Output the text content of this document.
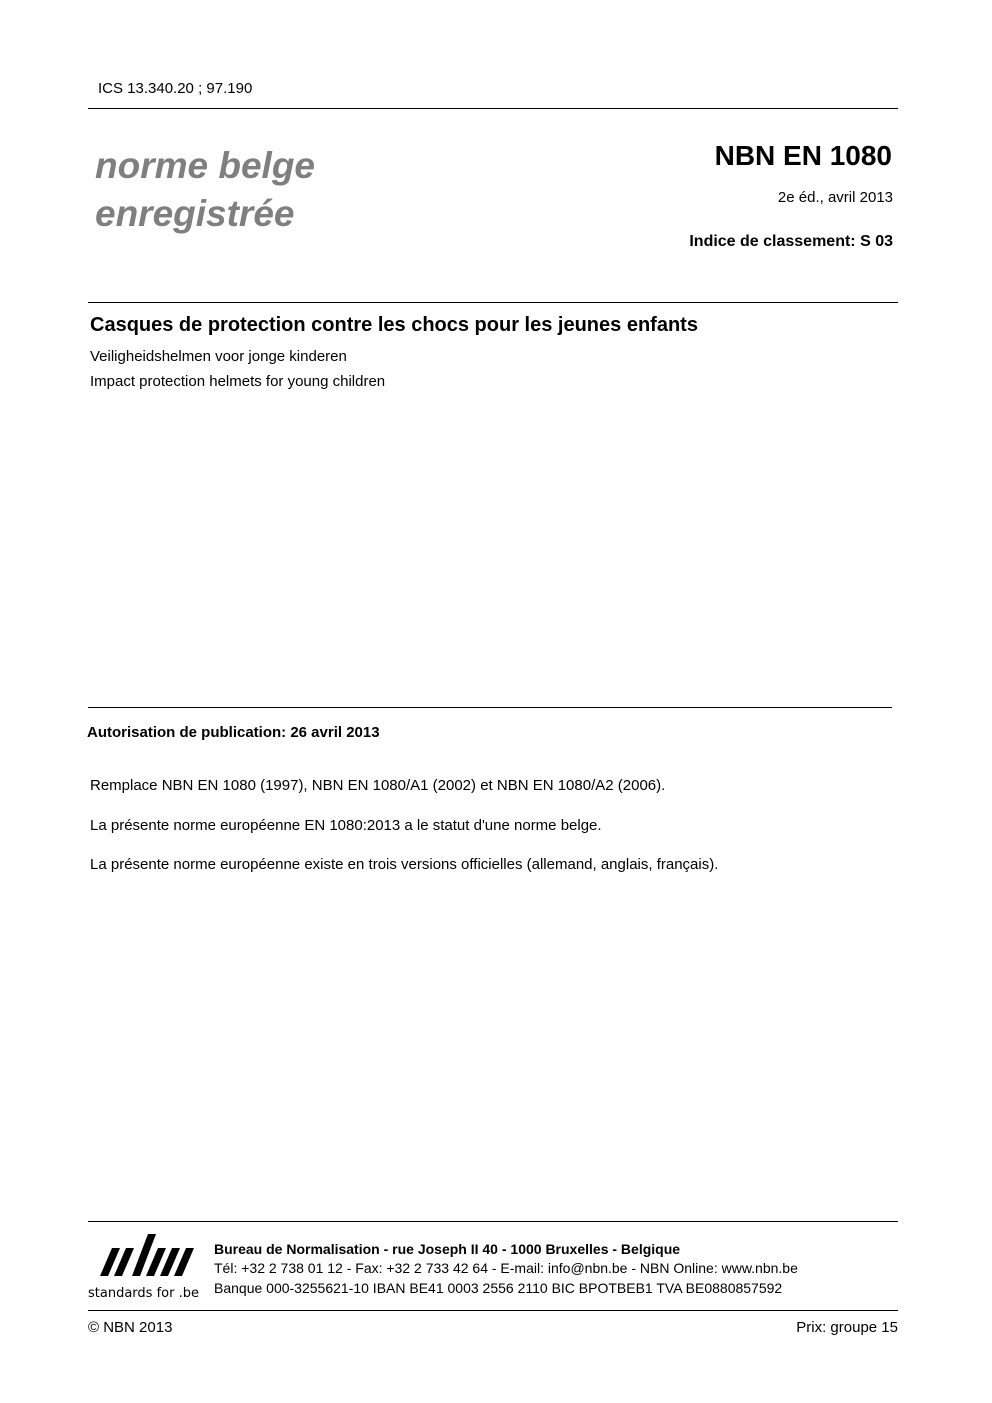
ICS 13.340.20 ; 97.190
norme belge
enregistrée
NBN EN 1080
2e éd., avril 2013
Indice de classement: S 03
Casques de protection contre les chocs pour les jeunes enfants
Veiligheidshelmen voor jonge kinderen
Impact protection helmets for young children
Autorisation de publication: 26 avril 2013
Remplace NBN EN 1080 (1997), NBN EN 1080/A1 (2002) et NBN EN 1080/A2 (2006).
La présente norme européenne EN 1080:2013 a le statut d'une norme belge.
La présente norme européenne existe en trois versions officielles (allemand, anglais, français).
standards for .be
Bureau de Normalisation - rue Joseph II 40 - 1000 Bruxelles - Belgique
Tél: +32 2 738 01 12 - Fax: +32 2 733 42 64 - E-mail: info@nbn.be - NBN Online: www.nbn.be
Banque 000-3255621-10 IBAN BE41 0003 2556 2110 BIC BPOTBEB1 TVA BE0880857592
© NBN 2013	Prix: groupe 15
